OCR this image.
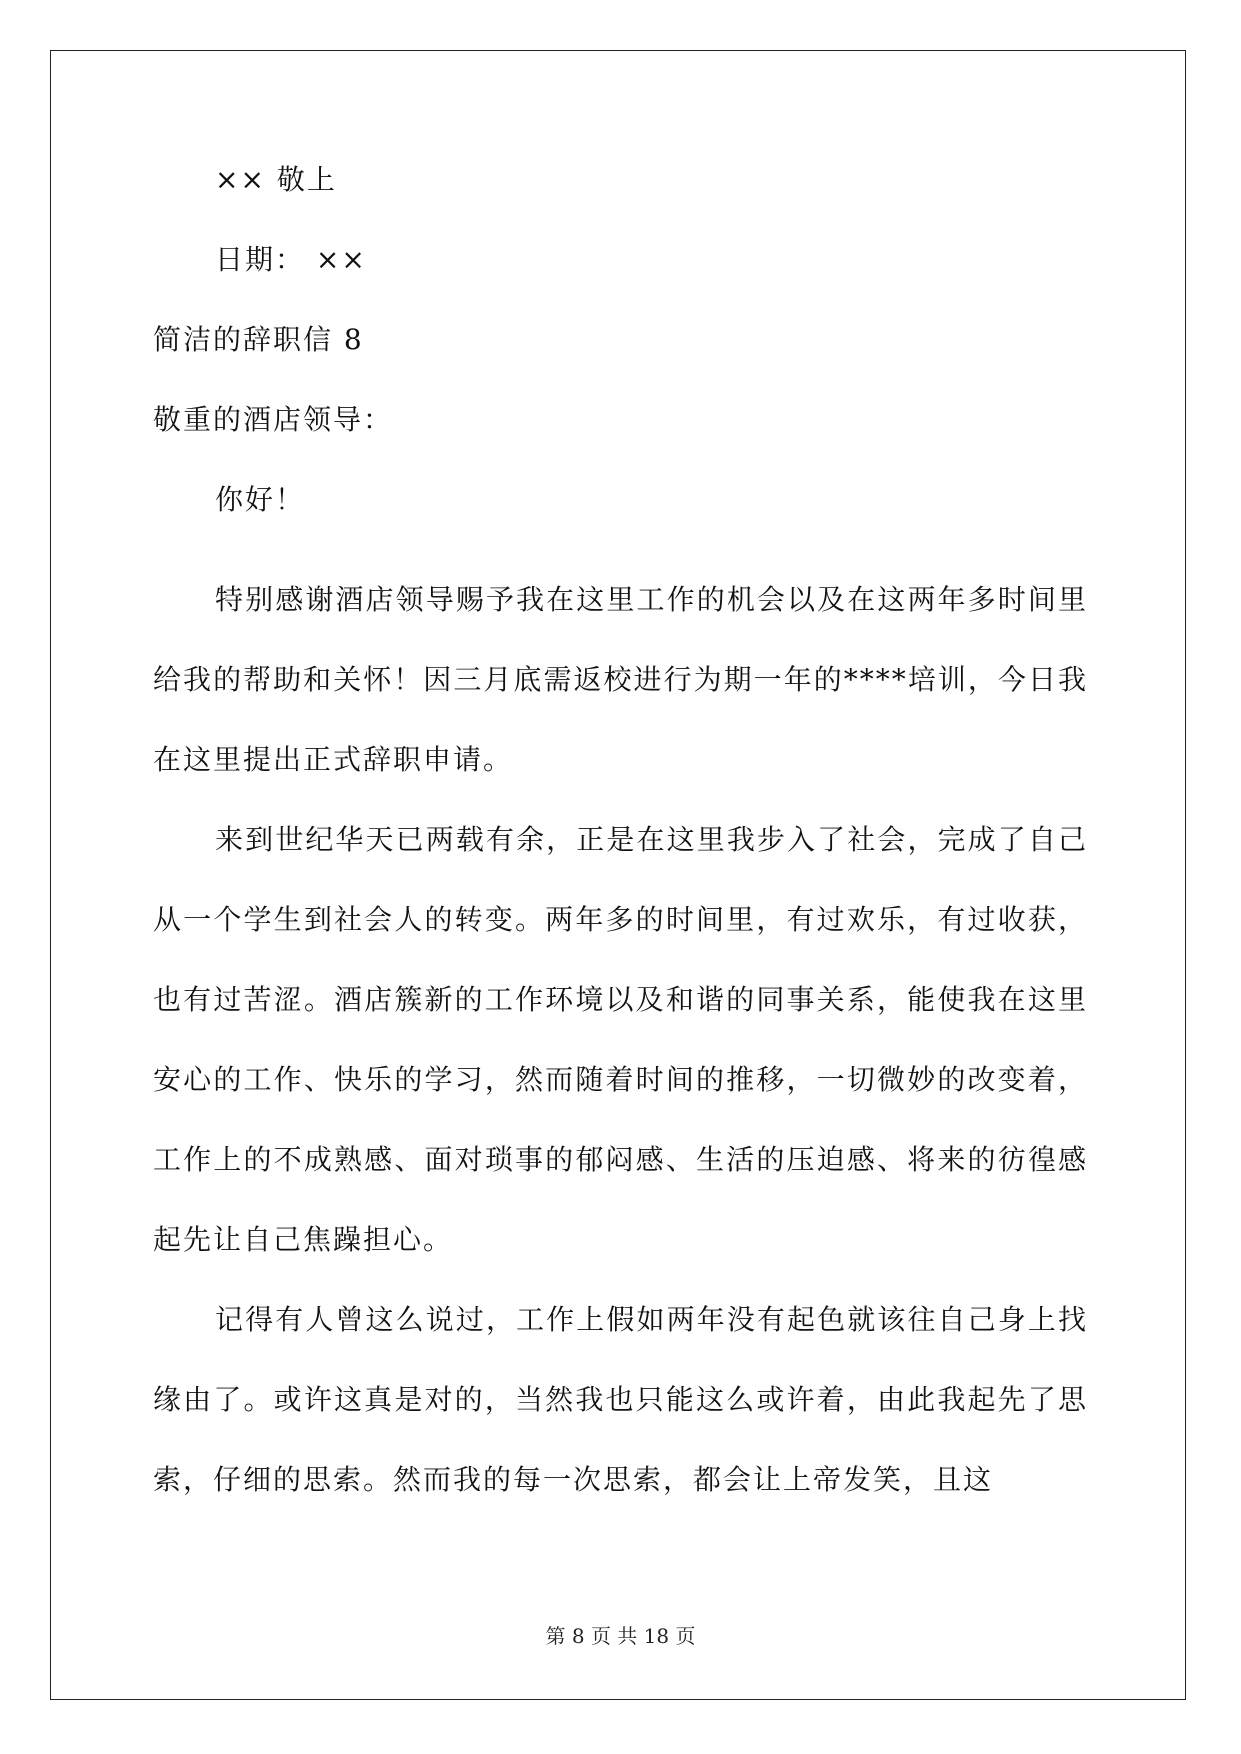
×× 敬上
日期： ××
简洁的辞职信 8
敬重的酒店领导：
你好！

特别感谢酒店领导赐予我在这里工作的机会以及在这两年多时间里给我的帮助和关怀！因三月底需返校进行为期一年的****培训，今日我在这里提出正式辞职申请。

来到世纪华天已两载有余，正是在这里我步入了社会，完成了自己从一个学生到社会人的转变。两年多的时间里，有过欢乐，有过收获，也有过苦涩。酒店簇新的工作环境以及和谐的同事关系，能使我在这里安心的工作、快乐的学习，然而随着时间的推移，一切微妙的改变着，工作上的不成熟感、面对琐事的郁闷感、生活的压迫感、将来的彷徨感起先让自己焦躁担心。

记得有人曾这么说过，工作上假如两年没有起色就该往自己身上找缘由了。或许这真是对的，当然我也只能这么或许着，由此我起先了思索，仔细的思索。然而我的每一次思索，都会让上帝发笑，且这

第 8 页 共 18 页
